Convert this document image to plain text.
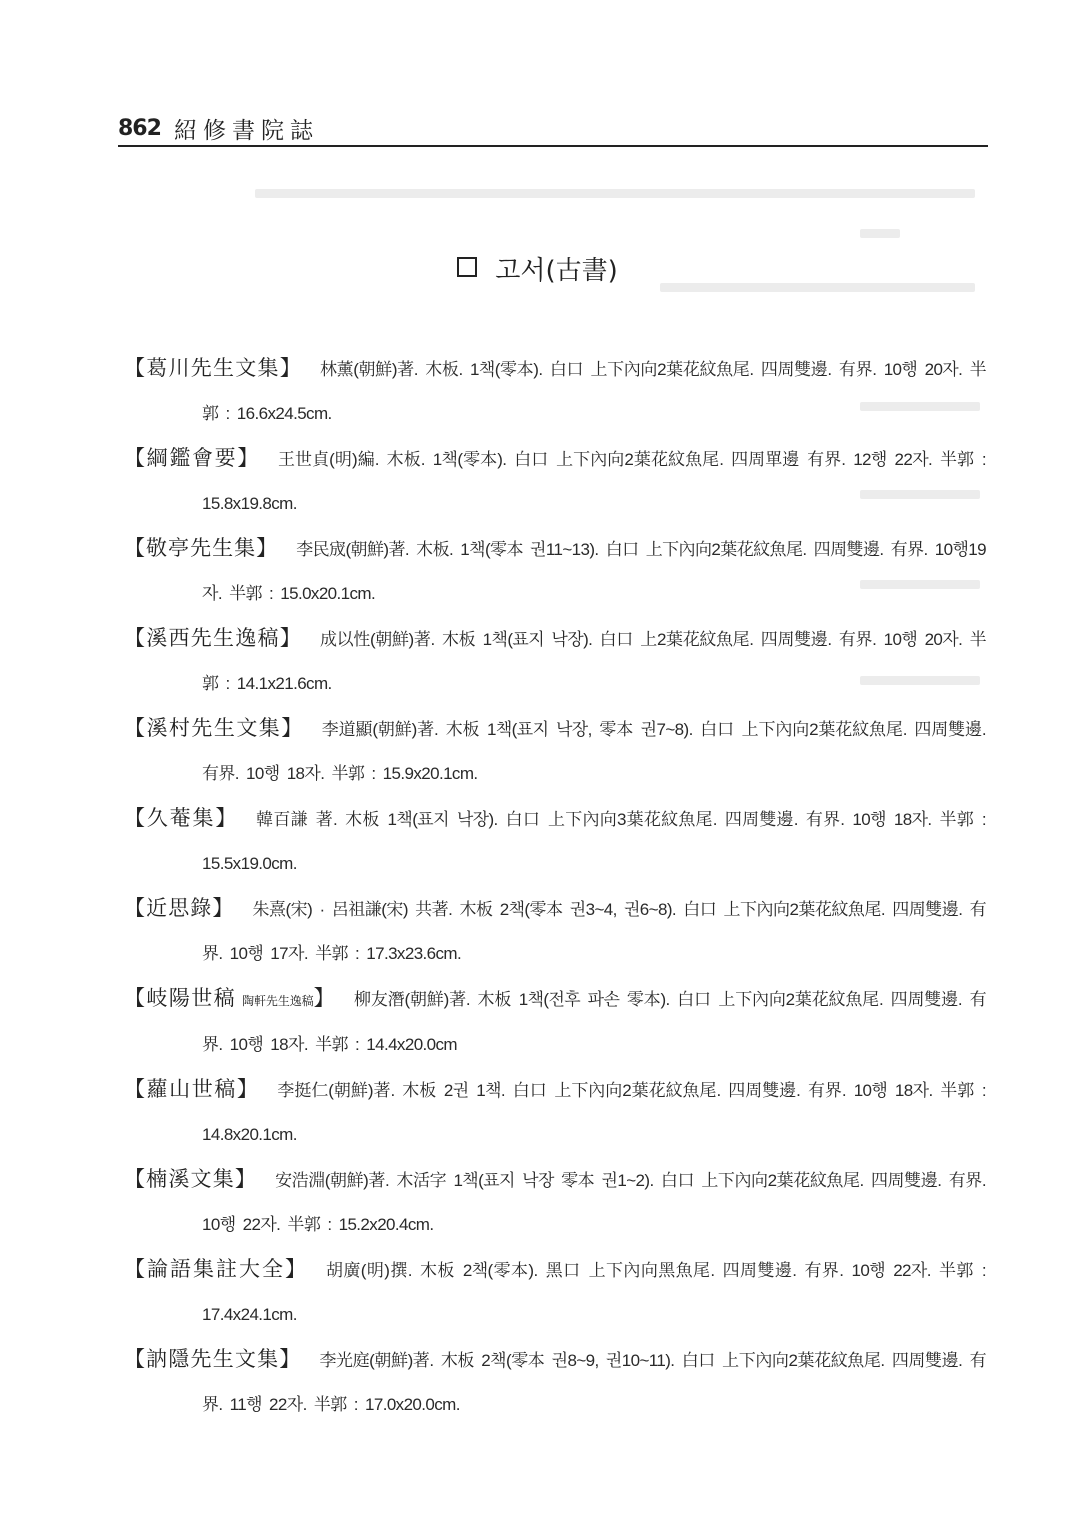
862 紹修書院誌
고서(古書)

【葛川先生文集】 林薰(朝鮮)著. 木板. 1책(零本). 白口 上下內向2葉花紋魚尾. 四周雙邊. 有界. 10행 20자. 半郭 : 16.6x24.5cm.

【綱鑑會要】 王世貞(明)編. 木板. 1책(零本). 白口 上下內向2葉花紋魚尾. 四周單邊 有界. 12행 22자. 半郭 : 15.8x19.8cm.

【敬亭先生集】 李民宬(朝鮮)著. 木板. 1책(零本 권11~13). 白口 上下內向2葉花紋魚尾. 四周雙邊. 有界. 10행19자. 半郭 : 15.0x20.1cm.

【溪西先生逸稿】 成以性(朝鮮)著. 木板 1책(표지 낙장). 白口 上2葉花紋魚尾. 四周雙邊. 有界. 10행 20자. 半郭 : 14.1x21.6cm.

【溪村先生文集】 李道顯(朝鮮)著. 木板 1책(표지 낙장, 零本 권7~8). 白口 上下內向2葉花紋魚尾. 四周雙邊. 有界. 10행 18자. 半郭 : 15.9x20.1cm.

【久菴集】 韓百謙 著. 木板 1책(표지 낙장). 白口 上下內向3葉花紋魚尾. 四周雙邊. 有界. 10행 18자. 半郭 : 15.5x19.0cm.

【近思錄】 朱熹(宋) · 呂祖謙(宋) 共著. 木板 2책(零本 권3~4, 권6~8). 白口 上下內向2葉花紋魚尾. 四周雙邊. 有界. 10행 17자. 半郭 : 17.3x23.6cm.

【岐陽世稿 陶軒先生逸稿】 柳友潛(朝鮮)著. 木板 1책(전후 파손 零本). 白口 上下內向2葉花紋魚尾. 四周雙邊. 有界. 10행 18자. 半郭 : 14.4x20.0cm

【蘿山世稿】 李挺仁(朝鮮)著. 木板 2권 1책. 白口 上下內向2葉花紋魚尾. 四周雙邊. 有界. 10행 18자. 半郭 : 14.8x20.1cm.

【楠溪文集】 安浩淵(朝鮮)著. 木活字 1책(표지 낙장 零本 권1~2). 白口 上下內向2葉花紋魚尾. 四周雙邊. 有界. 10행 22자. 半郭 : 15.2x20.4cm.

【論語集註大全】 胡廣(明)撰. 木板 2책(零本). 黑口 上下內向黑魚尾. 四周雙邊. 有界. 10행 22자. 半郭 : 17.4x24.1cm.

【訥隱先生文集】 李光庭(朝鮮)著. 木板 2책(零本 권8~9, 권10~11). 白口 上下內向2葉花紋魚尾. 四周雙邊. 有界. 11행 22자. 半郭 : 17.0x20.0cm.
